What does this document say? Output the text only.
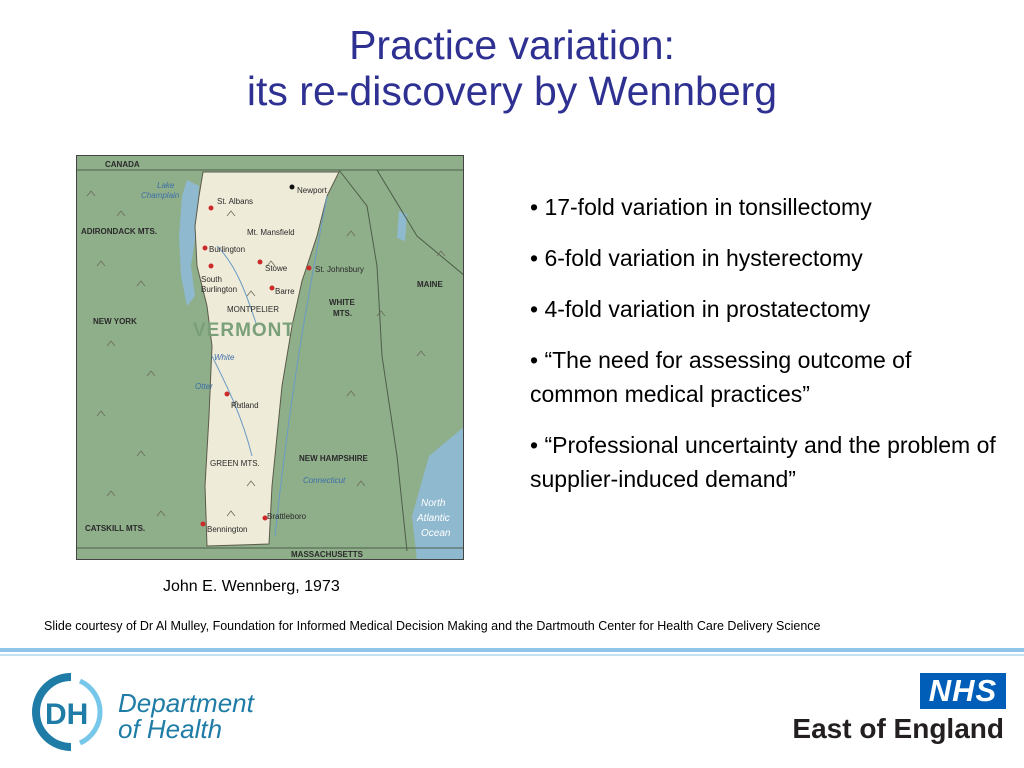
Practice variation:
its re-discovery by Wennberg
CANADA
Lake
Champlain
Newport
St. Albans
ADIRONDACK MTS.	Mt. Mansfield
Burlington
Stowe	St. Johnsbury
South
Burlington	Barre
MONTPELIER
MAINE
WHITE
MTS.
NEW YORK	VERMONT
White
Otter
Rutland
GREEN MTS.
NEW HAMPSHIRE
Connecticut
North
Atlantic
Ocean
CATSKILL MTS.
Brattleboro
Bennington
MASSACHUSETTS
John E. Wennberg, 1973
• 17-fold variation in tonsillectomy
• 6-fold variation in hysterectomy
• 4-fold variation in prostatectomy
• “The need for assessing outcome of common medical practices”
• “Professional uncertainty and the problem of supplier-induced demand”
Slide courtesy of Dr Al Mulley, Foundation for Informed Medical Decision Making and the Dartmouth Center for Health Care Delivery Science
DH Department
of Health
NHS
East of England
